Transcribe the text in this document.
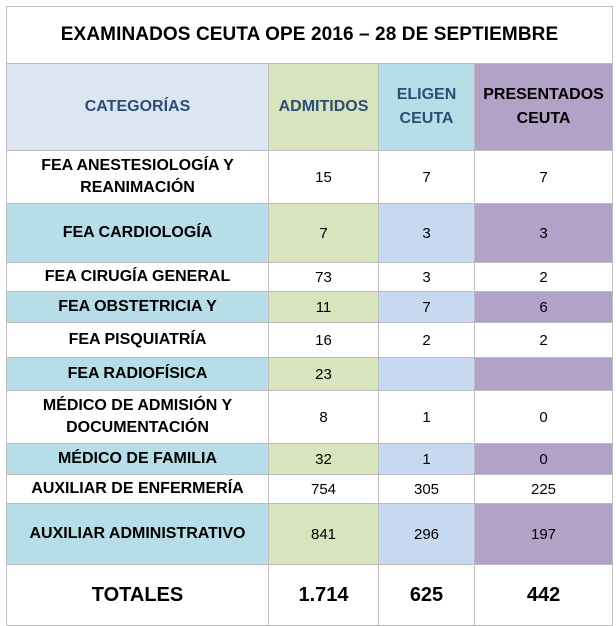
EXAMINADOS CEUTA OPE 2016 – 28 DE SEPTIEMBRE			
CATEGORÍAS	ADMITIDOS	ELIGEN CEUTA	PRESENTADOS CEUTA
FEA ANESTESIOLOGÍA Y REANIMACIÓN	15	7	7
FEA CARDIOLOGÍA	7	3	3
FEA CIRUGÍA GENERAL	73	3	2
FEA OBSTETRICIA Y	11	7	6
FEA PISQUIATRÍA	16	2	2
FEA RADIOFÍSICA	23		
MÉDICO DE ADMISIÓN Y DOCUMENTACIÓN	8	1	0
MÉDICO DE FAMILIA	32	1	0
AUXILIAR DE ENFERMERÍA	754	305	225
AUXILIAR ADMINISTRATIVO	841	296	197
TOTALES	1.714	625	442
